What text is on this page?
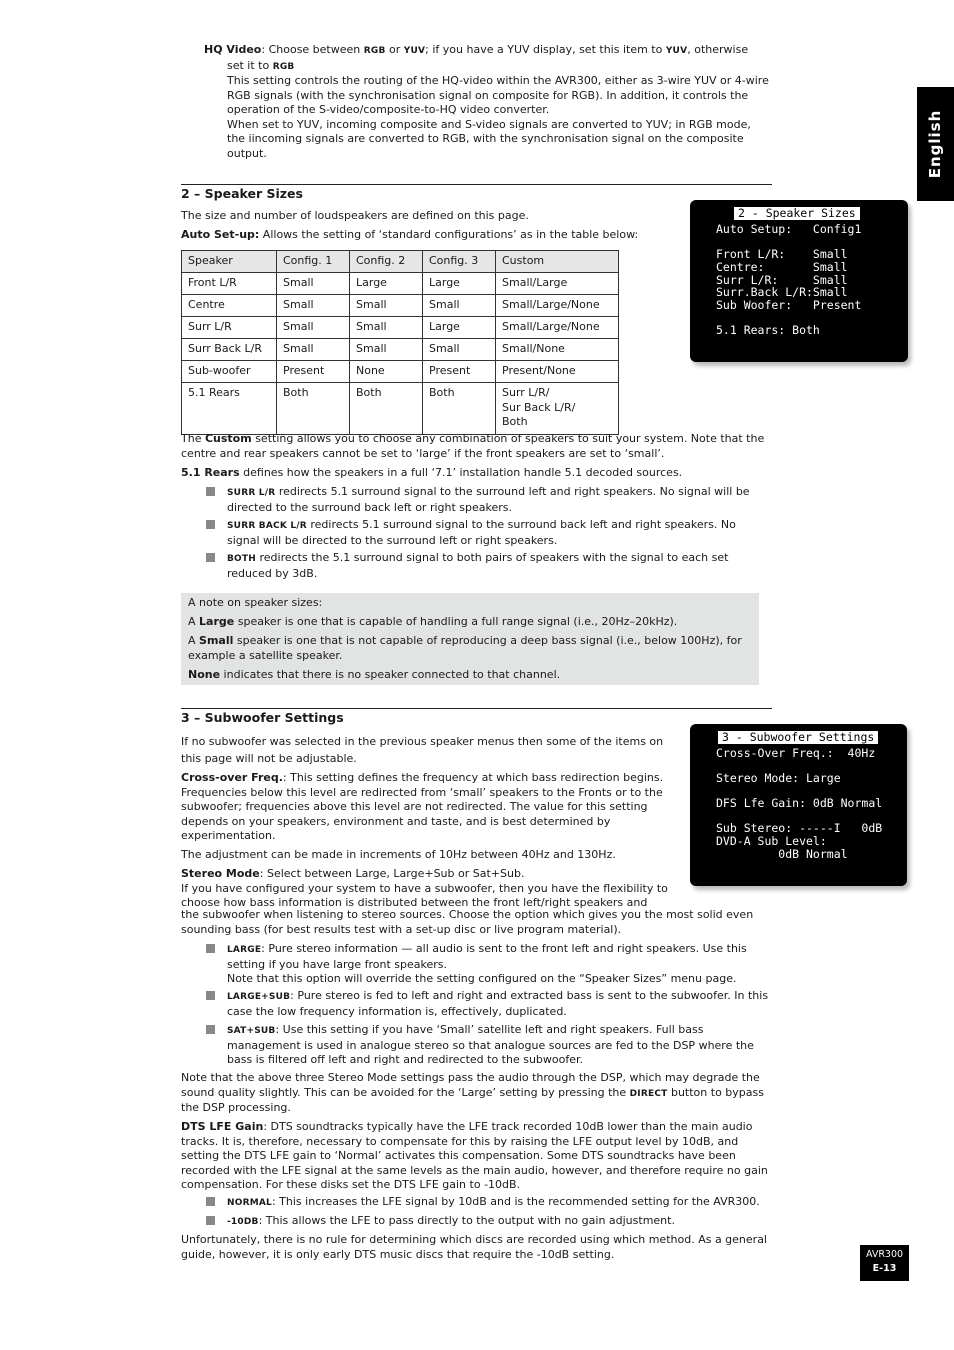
HQ Video: Choose between RGB or YUV; if you have a YUV display, set this item to YUV, otherwise

set it to RGB

This setting controls the routing of the HQ-video within the AVR300, either as 3-wire YUV or 4-wire RGB signals (with the synchronisation signal on composite for RGB). In addition, it controls the operation of the S-video/composite-to-HQ video converter.

When set to YUV, incoming composite and S-video signals are converted to YUV; in RGB mode, the iincoming signals are converted to RGB, with the synchronisation signal on the composite output.	English
2 – Speaker Sizes

The size and number of loudspeakers are defined on this page.

Auto Set-up: Allows the setting of ‘standard configurations’ as in the table below:

Speaker	Config. 1	Config. 2	Config. 3	Custom
Front L/R	Small	Large	Large	Small/Large
Centre	Small	Small	Small	Small/Large/None
Surr L/R	Small	Small	Large	Small/Large/None
Surr Back L/R	Small	Small	Small	Small/None
Sub-woofer	Present	None	Present	Present/None
5.1 Rears	Both	Both	Both	Surr L/R/
Sur Back L/R/
Both
2 - Speaker Sizes
Auto Setup:   Config1
Front L/R:    Small
Centre:       Small
Surr L/R:     Small
Surr.Back L/R:Small
Sub Woofer:   Present
5.1 Rears: Both

The Custom setting allows you to choose any combination of speakers to suit your system. Note that the centre and rear speakers cannot be set to ‘large’ if the front speakers are set to ‘small’.

5.1 Rears defines how the speakers in a full ‘7.1’ installation handle 5.1 decoded sources.

SURR L/R redirects 5.1 surround signal to the surround left and right speakers. No signal will be directed to the surround back left or right speakers.

SURR BACK L/R redirects 5.1 surround signal to the surround back left and right speakers. No signal will be directed to the surround left or right speakers.

BOTH redirects the 5.1 surround signal to both pairs of speakers with the signal to each set reduced by 3dB.

A note on speaker sizes:

A Large speaker is one that is capable of handling a full range signal (i.e., 20Hz–20kHz).

A Small speaker is one that is not capable of reproducing a deep bass signal (i.e., below 100Hz), for example a satellite speaker.

None indicates that there is no speaker connected to that channel.

3 – Subwoofer Settings

If no subwoofer was selected in the previous speaker menus then some of the items on this page will not be adjustable.

Cross-over Freq.: This setting defines the frequency at which bass redirection begins. Frequencies below this level are redirected from ‘small’ speakers to the Fronts or to the subwoofer; frequencies above this level are not redirected. The value for this setting depends on your speakers, environment and taste, and is best determined by experimentation.

The adjustment can be made in increments of 10Hz between 40Hz and 130Hz.

Stereo Mode: Select between Large, Large+Sub or Sat+Sub.

If you have configured your system to have a subwoofer, then you have the flexibility to choose how bass information is distributed between the front left/right speakers and

the subwoofer when listening to stereo sources. Choose the option which gives you the most solid even sounding bass (for best results test with a set-up disc or live program material).
3 - Subwoofer Settings
Cross-Over Freq.:  40Hz
Stereo Mode: Large
DFS Lfe Gain: 0dB Normal
Sub Stereo: -----I   0dB
DVD-A Sub Level:
0dB Normal

LARGE: Pure stereo information — all audio is sent to the front left and right speakers. Use this setting if you have large front speakers.

Note that this option will override the setting configured on the “Speaker Sizes” menu page.

LARGE+SUB: Pure stereo is fed to left and right and extracted bass is sent to the subwoofer. In this case the low frequency information is, effectively, duplicated.

SAT+SUB: Use this setting if you have ‘Small’ satellite left and right speakers. Full bass management is used in analogue stereo so that analogue sources are fed to the DSP where the bass is filtered off left and right and redirected to the subwoofer.

Note that the above three Stereo Mode settings pass the audio through the DSP, which may degrade the sound quality slightly. This can be avoided for the ‘Large’ setting by pressing the DIRECT button to bypass the DSP processing.

DTS LFE Gain: DTS soundtracks typically have the LFE track recorded 10dB lower than the main audio tracks. It is, therefore, necessary to compensate for this by raising the LFE output level by 10dB, and setting the DTS LFE gain to ‘Normal’ activates this compensation. Some DTS soundtracks have been recorded with the LFE signal at the same levels as the main audio, however, and therefore require no gain compensation. For these disks set the DTS LFE gain to -10dB.

NORMAL: This increases the LFE signal by 10dB and is the recommended setting for the AVR300.

-10DB: This allows the LFE to pass directly to the output with no gain adjustment.

Unfortunately, there is no rule for determining which discs are recorded using which method. As a general guide, however, it is only early DTS music discs that require the -10dB setting.	AVR300
E-13
